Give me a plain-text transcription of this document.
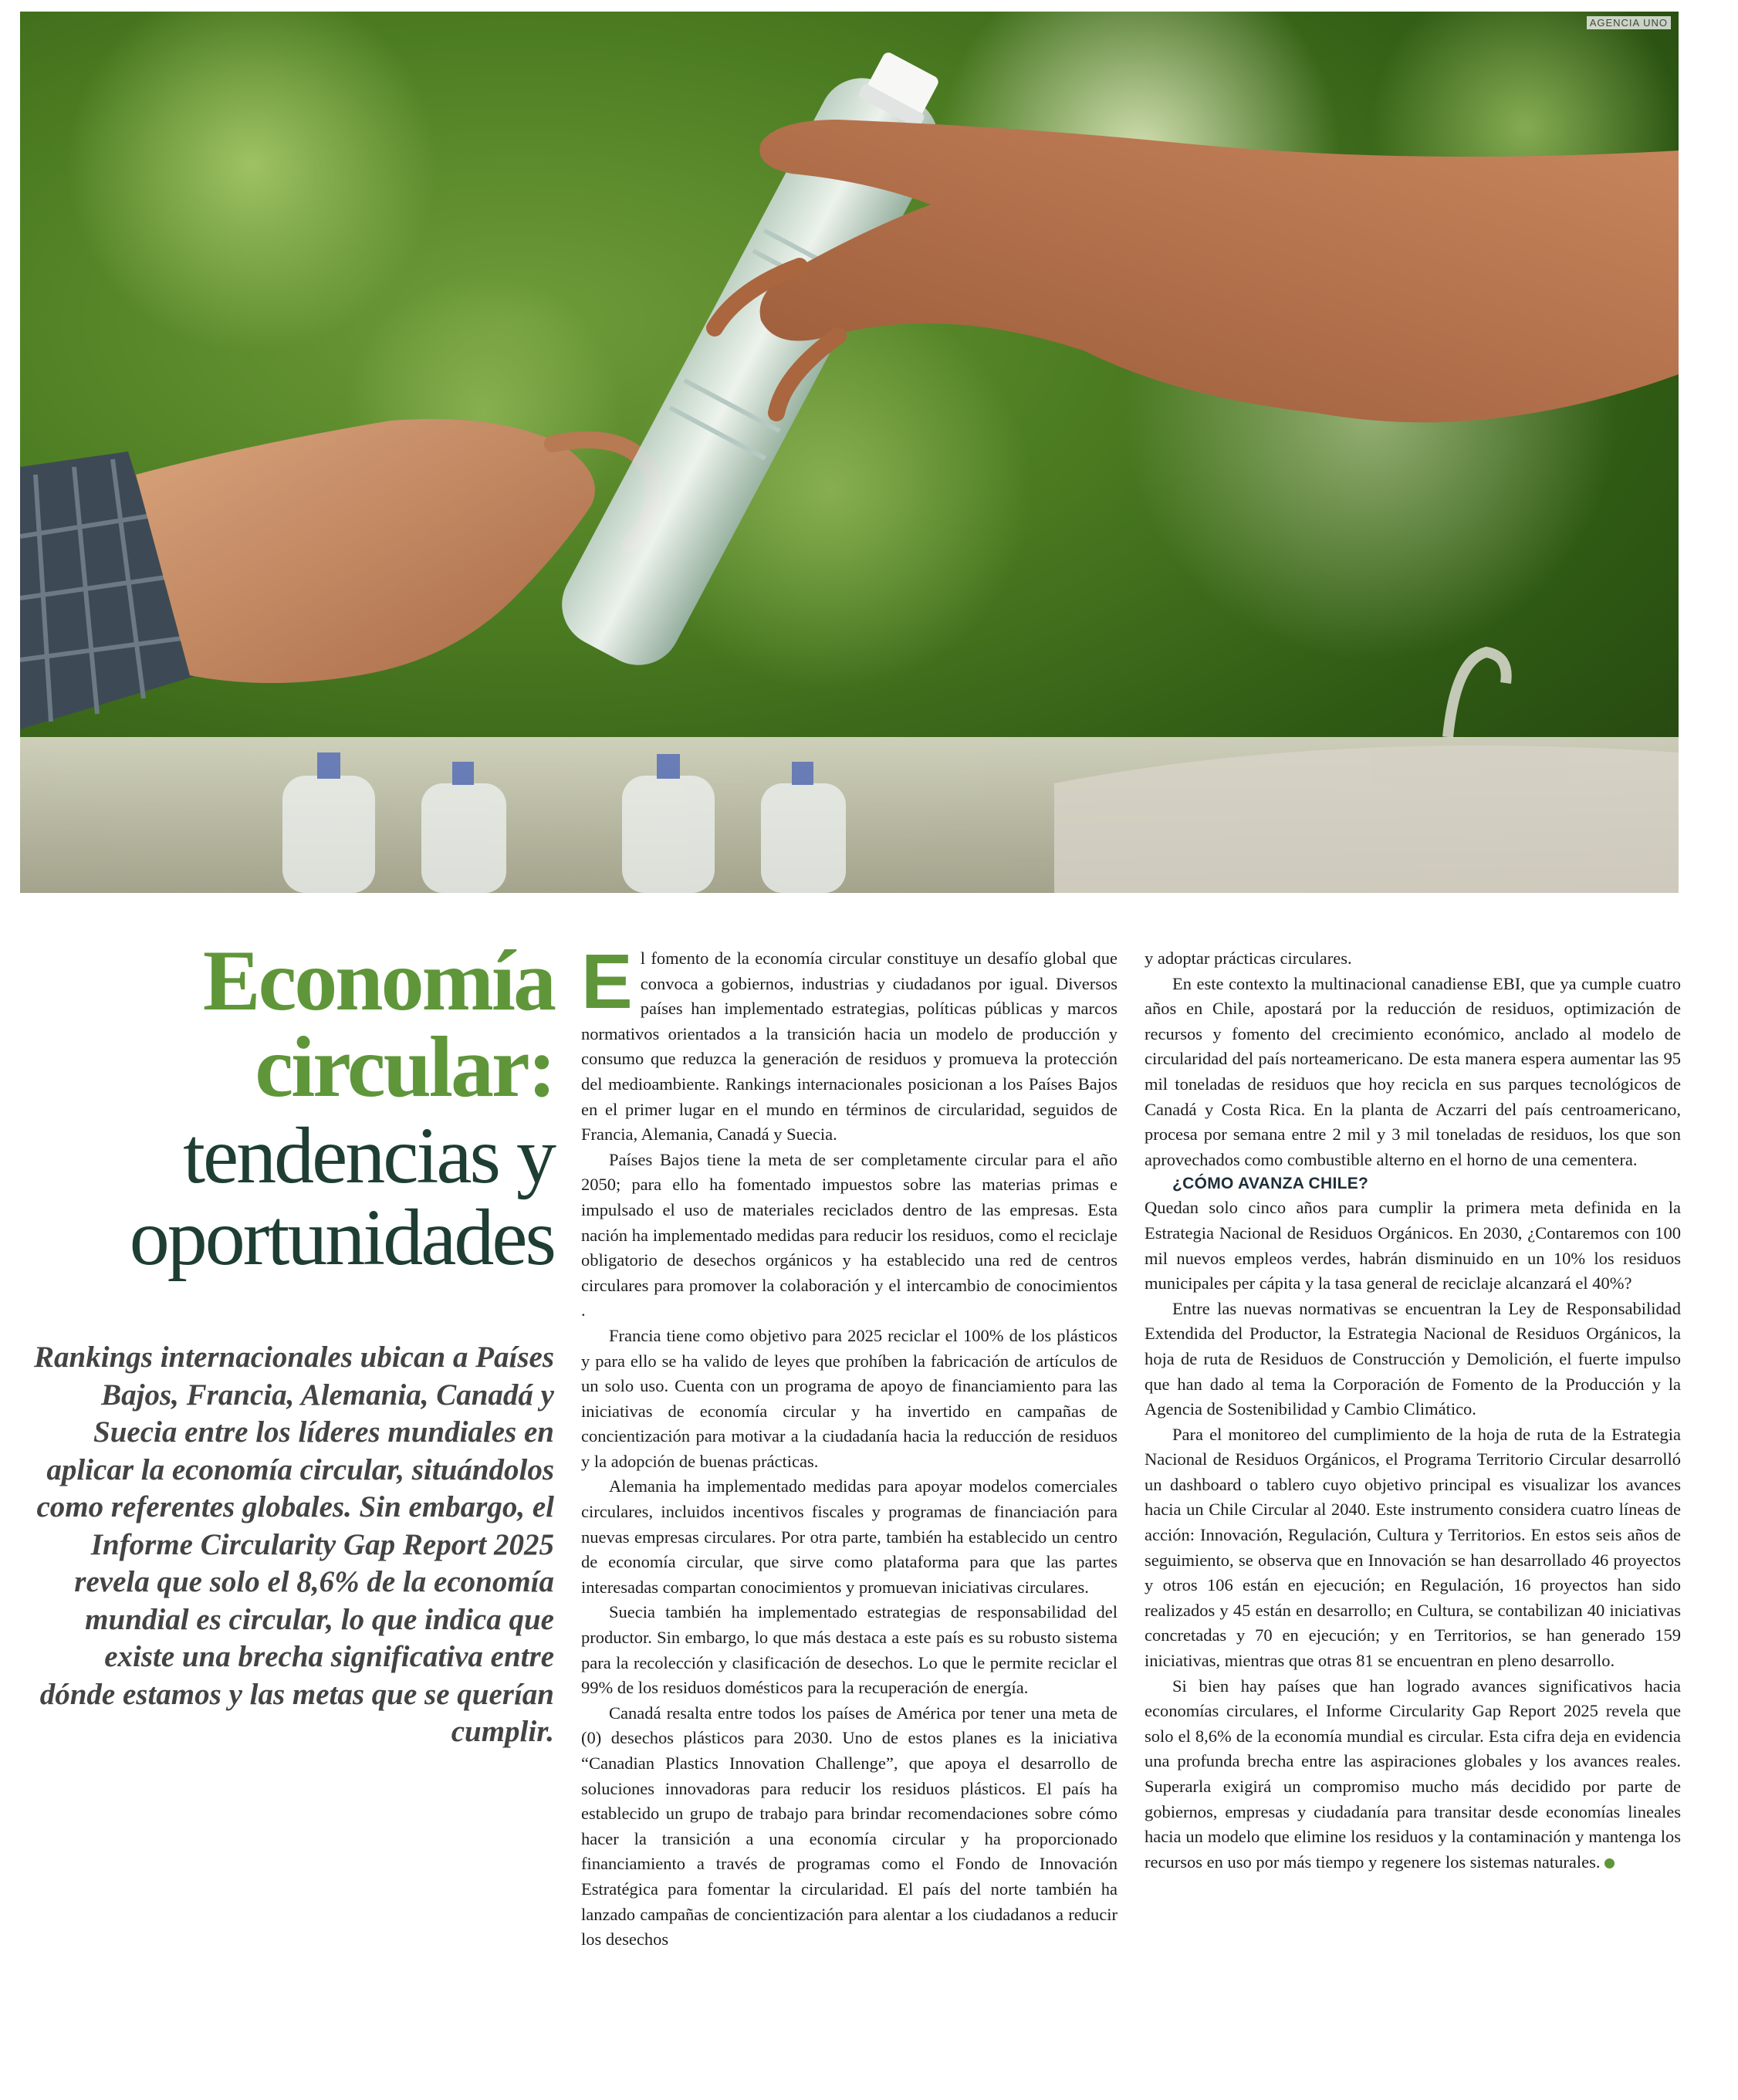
AGENCIA UNO
Economía
circular:
tendencias y
oportunidades
Rankings internacionales ubican a Países Bajos, Francia, Alemania, Canadá y Suecia entre los líderes mundiales en aplicar la economía circular, situándolos como referentes globales. Sin embargo, el Informe Circularity Gap Report 2025 revela que solo el 8,6% de la economía mundial es circular, lo que indica que existe una brecha significativa entre dónde estamos y las metas que se querían cumplir.

El fomento de la economía circular constituye un desafío global que convoca a gobiernos, industrias y ciudadanos por igual. Diversos países han implementado estrategias, políticas públicas y marcos normativos orientados a la transición hacia un modelo de producción y consumo que reduzca la generación de residuos y promueva la protección del medioambiente. Rankings internacionales posicionan a los Países Bajos en el primer lugar en el mundo en términos de circularidad, seguidos de Francia, Alemania, Canadá y Suecia.

Países Bajos tiene la meta de ser completamente circular para el año 2050; para ello ha fomentado impuestos sobre las materias primas e impulsado el uso de materiales reciclados dentro de las empresas. Esta nación ha implementado medidas para reducir los residuos, como el reciclaje obligatorio de desechos orgánicos y ha establecido una red de centros circulares para promover la colaboración y el intercambio de conocimientos .

Francia tiene como objetivo para 2025 reciclar el 100% de los plásticos y para ello se ha valido de leyes que prohíben la fabricación de artículos de un solo uso. Cuenta con un programa de apoyo de financiamiento para las iniciativas de economía circular y ha invertido en campañas de concientización para motivar a la ciudadanía hacia la reducción de residuos y la adopción de buenas prácticas.

Alemania ha implementado medidas para apoyar modelos comerciales circulares, incluidos incentivos fiscales y programas de financiación para nuevas empresas circulares. Por otra parte, también ha establecido un centro de economía circular, que sirve como plataforma para que las partes interesadas compartan conocimientos y promuevan iniciativas circulares.

Suecia también ha implementado estrategias de responsabilidad del productor. Sin embargo, lo que más destaca a este país es su robusto sistema para la recolección y clasificación de desechos. Lo que le permite reciclar el 99% de los residuos domésticos para la recuperación de energía.

Canadá resalta entre todos los países de América por tener una meta de (0) desechos plásticos para 2030. Uno de estos planes es la iniciativa “Canadian Plastics Innovation Challenge”, que apoya el desarrollo de soluciones innovadoras para reducir los residuos plásticos. El país ha establecido un grupo de trabajo para brindar recomendaciones sobre cómo hacer la transición a una economía circular y ha proporcionado financiamiento a través de programas como el Fondo de Innovación Estratégica para fomentar la circularidad. El país del norte también ha lanzado campañas de concientización para alentar a los ciudadanos a reducir los desechos

y adoptar prácticas circulares.

En este contexto la multinacional canadiense EBI, que ya cumple cuatro años en Chile, apostará por la reducción de residuos, optimización de recursos y fomento del crecimiento económico, anclado al modelo de circularidad del país norteamericano. De esta manera espera aumentar las 95 mil toneladas de residuos que hoy recicla en sus parques tecnológicos de Canadá y Costa Rica. En la planta de Aczarri del país centroamericano, procesa por semana entre 2 mil y 3 mil toneladas de residuos, los que son aprovechados como combustible alterno en el horno de una cementera.

¿CÓMO AVANZA CHILE?

Quedan solo cinco años para cumplir la primera meta definida en la Estrategia Nacional de Residuos Orgánicos. En 2030, ¿Contaremos con 100 mil nuevos empleos verdes, habrán disminuido en un 10% los residuos municipales per cápita y la tasa general de reciclaje alcanzará el 40%?

Entre las nuevas normativas se encuentran la Ley de Responsabilidad Extendida del Productor, la Estrategia Nacional de Residuos Orgánicos, la hoja de ruta de Residuos de Construcción y Demolición, el fuerte impulso que han dado al tema la Corporación de Fomento de la Producción y la Agencia de Sostenibilidad y Cambio Climático.

Para el monitoreo del cumplimiento de la hoja de ruta de la Estrategia Nacional de Residuos Orgánicos, el Programa Territorio Circular desarrolló un dashboard o tablero cuyo objetivo principal es visualizar los avances hacia un Chile Circular al 2040. Este instrumento considera cuatro líneas de acción: Innovación, Regulación, Cultura y Territorios. En estos seis años de seguimiento, se observa que en Innovación se han desarrollado 46 proyectos y otros 106 están en ejecución; en Regulación, 16 proyectos han sido realizados y 45 están en desarrollo; en Cultura, se contabilizan 40 iniciativas concretadas y 70 en ejecución; y en Territorios, se han generado 159 iniciativas, mientras que otras 81 se encuentran en pleno desarrollo.

Si bien hay países que han logrado avances significativos hacia economías circulares, el Informe Circularity Gap Report 2025 revela que solo el 8,6% de la economía mundial es circular. Esta cifra deja en evidencia una profunda brecha entre las aspiraciones globales y los avances reales. Superarla exigirá un compromiso mucho más decidido por parte de gobiernos, empresas y ciudadanía para transitar desde economías lineales hacia un modelo que elimine los residuos y la contaminación y mantenga los recursos en uso por más tiempo y regenere los sistemas naturales.
